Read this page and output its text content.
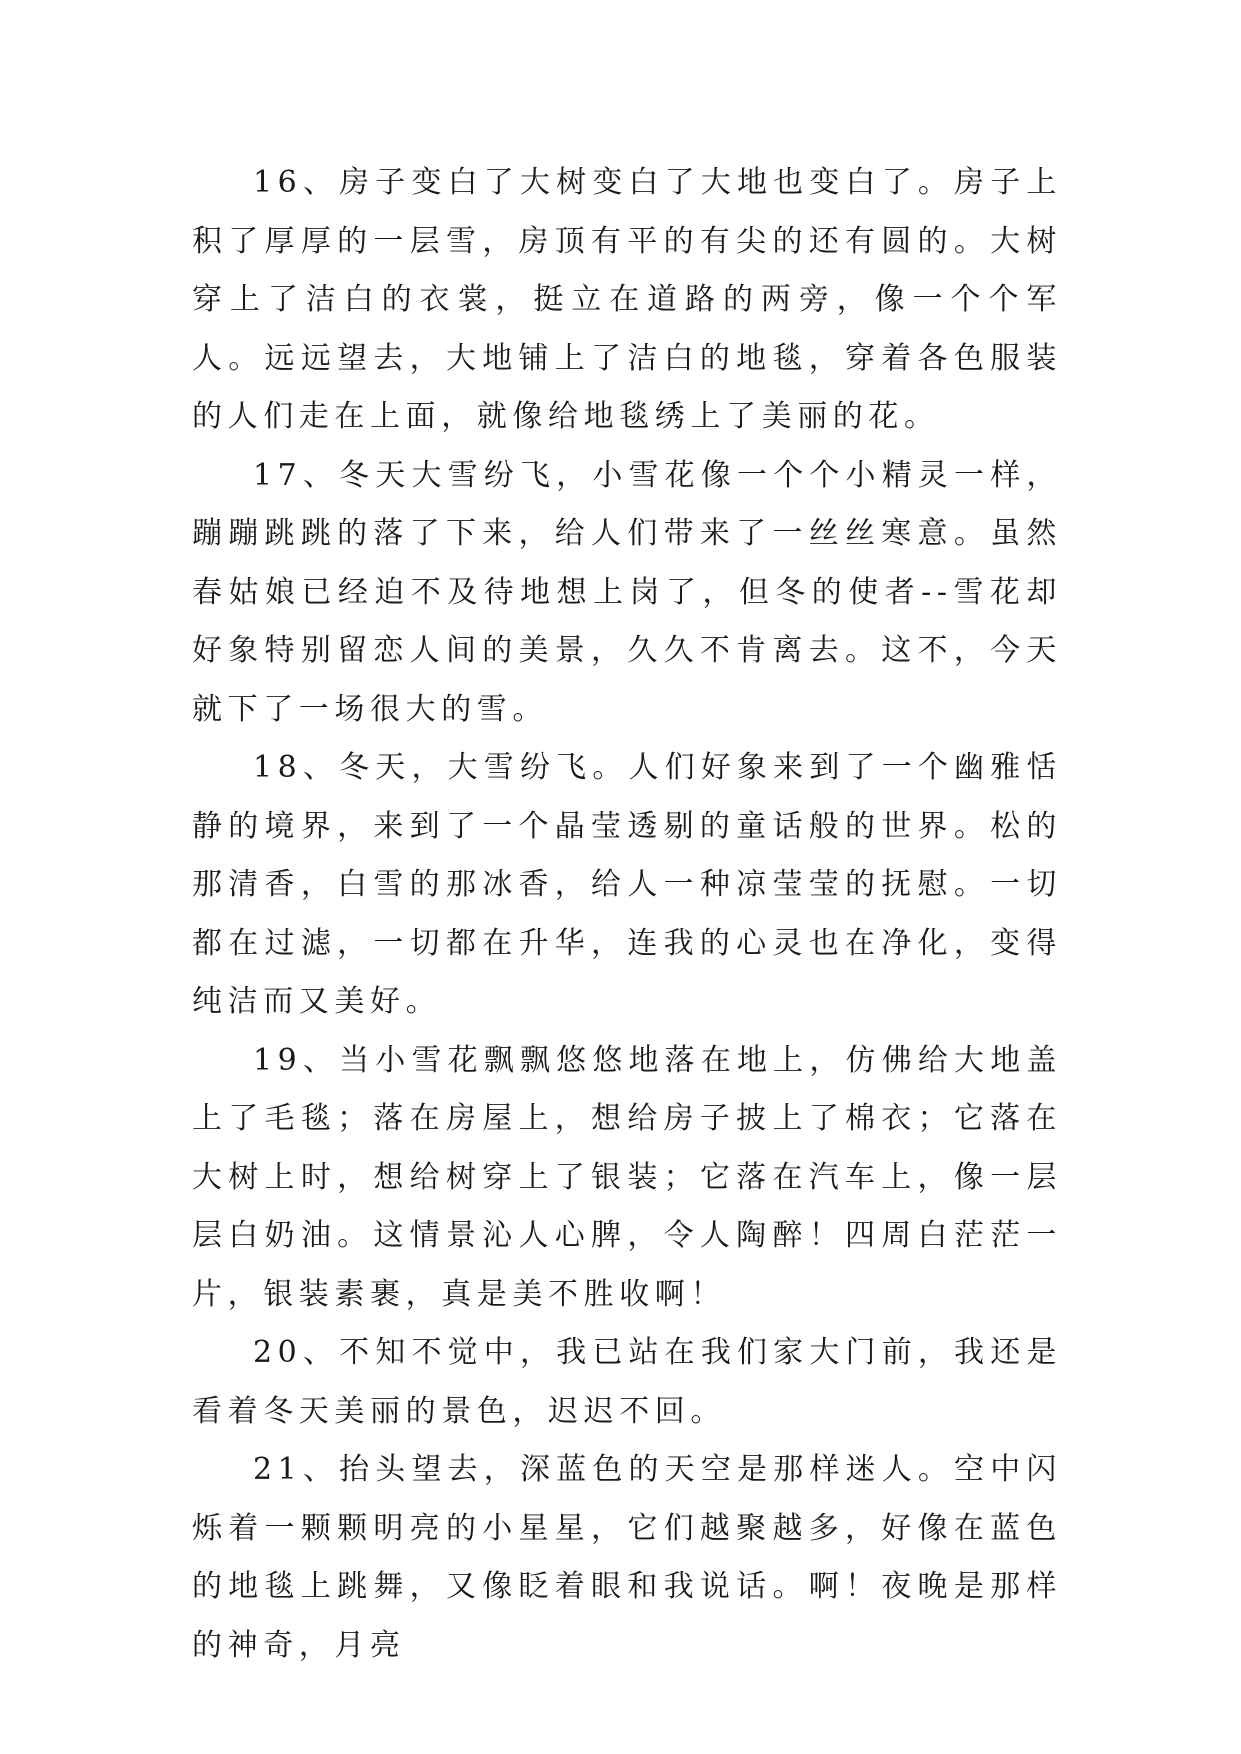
16、房子变白了大树变白了大地也变白了。房子上积了厚厚的一层雪，房顶有平的有尖的还有圆的。大树穿上了洁白的衣裳，挺立在道路的两旁，像一个个军人。远远望去，大地铺上了洁白的地毯，穿着各色服装的人们走在上面，就像给地毯绣上了美丽的花。

17、冬天大雪纷飞，小雪花像一个个小精灵一样，蹦蹦跳跳的落了下来，给人们带来了一丝丝寒意。虽然春姑娘已经迫不及待地想上岗了，但冬的使者--雪花却好象特别留恋人间的美景，久久不肯离去。这不，今天就下了一场很大的雪。

18、冬天，大雪纷飞。人们好象来到了一个幽雅恬静的境界，来到了一个晶莹透剔的童话般的世界。松的那清香，白雪的那冰香，给人一种凉莹莹的抚慰。一切都在过滤，一切都在升华，连我的心灵也在净化，变得纯洁而又美好。

19、当小雪花飘飘悠悠地落在地上，仿佛给大地盖上了毛毯；落在房屋上，想给房子披上了棉衣；它落在大树上时，想给树穿上了银装；它落在汽车上，像一层层白奶油。这情景沁人心脾，令人陶醉！四周白茫茫一片，银装素裹，真是美不胜收啊！

20、不知不觉中，我已站在我们家大门前，我还是看着冬天美丽的景色，迟迟不回。

21、抬头望去，深蓝色的天空是那样迷人。空中闪烁着一颗颗明亮的小星星，它们越聚越多，好像在蓝色的地毯上跳舞，又像眨着眼和我说话。啊！夜晚是那样的神奇，月亮
